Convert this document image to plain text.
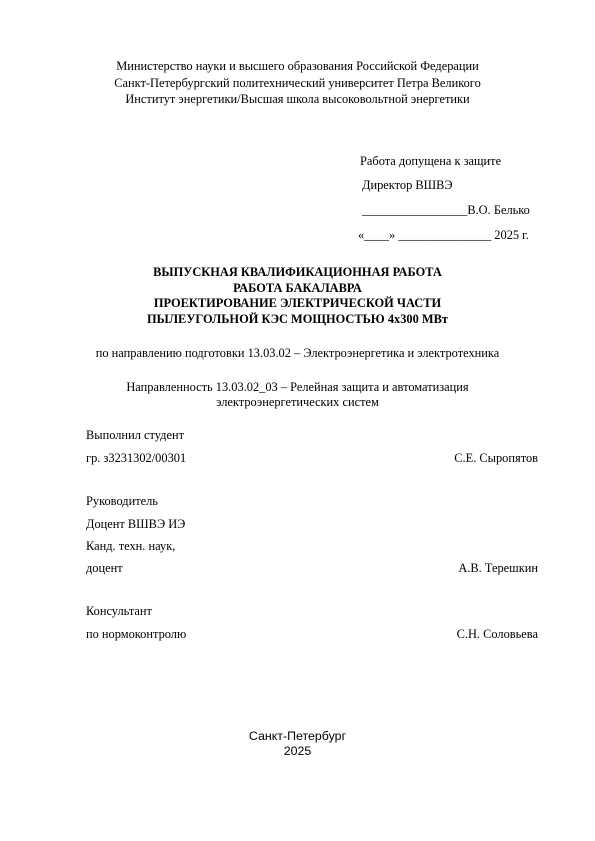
Министерство науки и высшего образования Российской Федерации
Санкт-Петербургский политехнический университет Петра Великого
Институт энергетики/Высшая школа высоковольтной энергетики
Работа допущена к защите
Директор ВШВЭ
_________________В.О. Белько
«____» _______________ 2025 г.
ВЫПУСКНАЯ КВАЛИФИКАЦИОННАЯ РАБОТА
РАБОТА БАКАЛАВРА
ПРОЕКТИРОВАНИЕ ЭЛЕКТРИЧЕСКОЙ ЧАСТИ
ПЫЛЕУГОЛЬНОЙ КЭС МОЩНОСТЬЮ 4х300 МВт
по направлению подготовки 13.03.02 – Электроэнергетика и электротехника
Направленность 13.03.02_03 – Релейная защита и автоматизация
электроэнергетических систем
Выполнил студент
гр. з3231302/00301	С.Е. Сыропятов
Руководитель
Доцент ВШВЭ ИЭ
Канд. техн. наук,
доцент	А.В. Терешкин
Консультант
по нормоконтролю	С.Н. Соловьева
Санкт-Петербург
2025
